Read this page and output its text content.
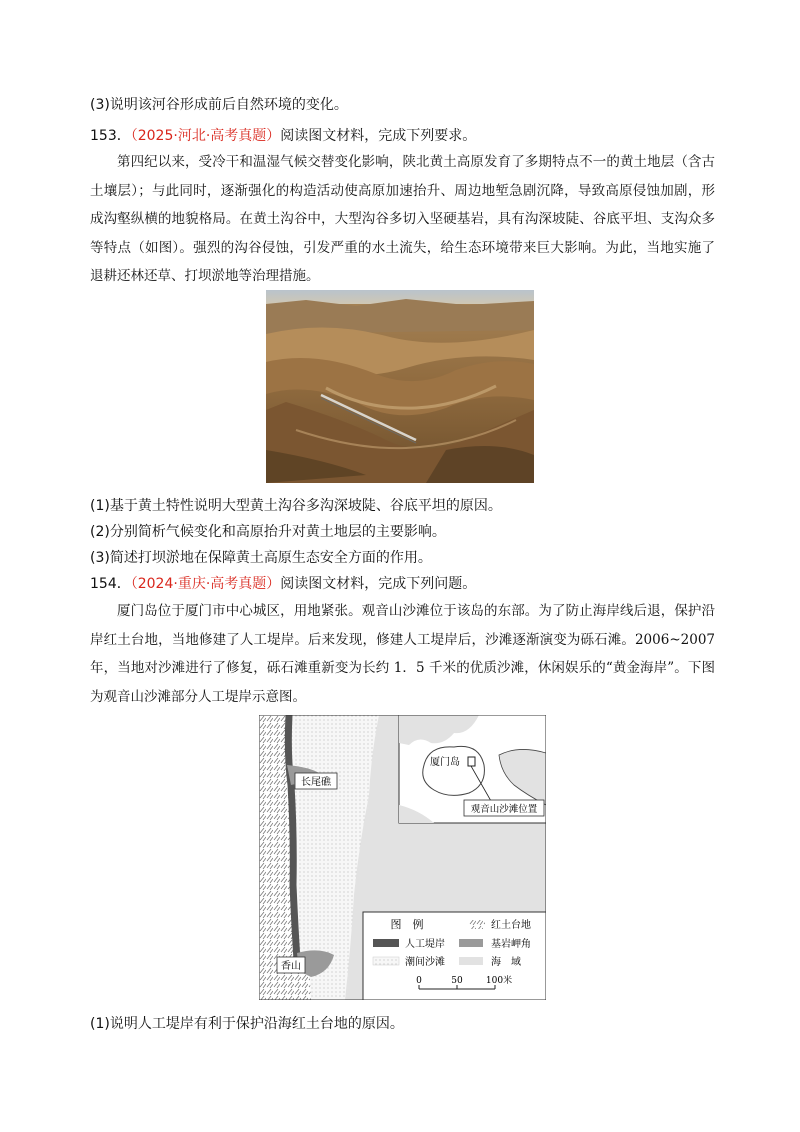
(3)说明该河谷形成前后自然环境的变化。
153．（2025·河北·高考真题）阅读图文材料，完成下列要求。
第四纪以来，受冷干和温湿气候交替变化影响，陕北黄土高原发育了多期特点不一的黄土地层（含古土壤层）；与此同时，逐渐强化的构造活动使高原加速抬升、周边地堑急剧沉降，导致高原侵蚀加剧，形成沟壑纵横的地貌格局。在黄土沟谷中，大型沟谷多切入坚硬基岩，具有沟深坡陡、谷底平坦、支沟众多等特点（如图）。强烈的沟谷侵蚀，引发严重的水土流失，给生态环境带来巨大影响。为此，当地实施了退耕还林还草、打坝淤地等治理措施。
(1)基于黄土特性说明大型黄土沟谷多沟深坡陡、谷底平坦的原因。
(2)分别简析气候变化和高原抬升对黄土地层的主要影响。
(3)简述打坝淤地在保障黄土高原生态安全方面的作用。
154．（2024·重庆·高考真题）阅读图文材料，完成下列问题。
厦门岛位于厦门市中心城区，用地紧张。观音山沙滩位于该岛的东部。为了防止海岸线后退，保护沿岸红土台地，当地修建了人工堤岸。后来发现，修建人工堤岸后，沙滩逐渐演变为砾石滩。2006~2007 年，当地对沙滩进行了修复，砾石滩重新变为长约 1．5 千米的优质沙滩，休闲娱乐的“黄金海岸”。下图为观音山沙滩部分人工堤岸示意图。
长尾礁
香山
厦门岛
观音山沙滩位置
图　例	红土台地
人工堤岸	基岩岬角
潮间沙滩	海　域
0	50	100米
(1)说明人工堤岸有利于保护沿海红土台地的原因。
